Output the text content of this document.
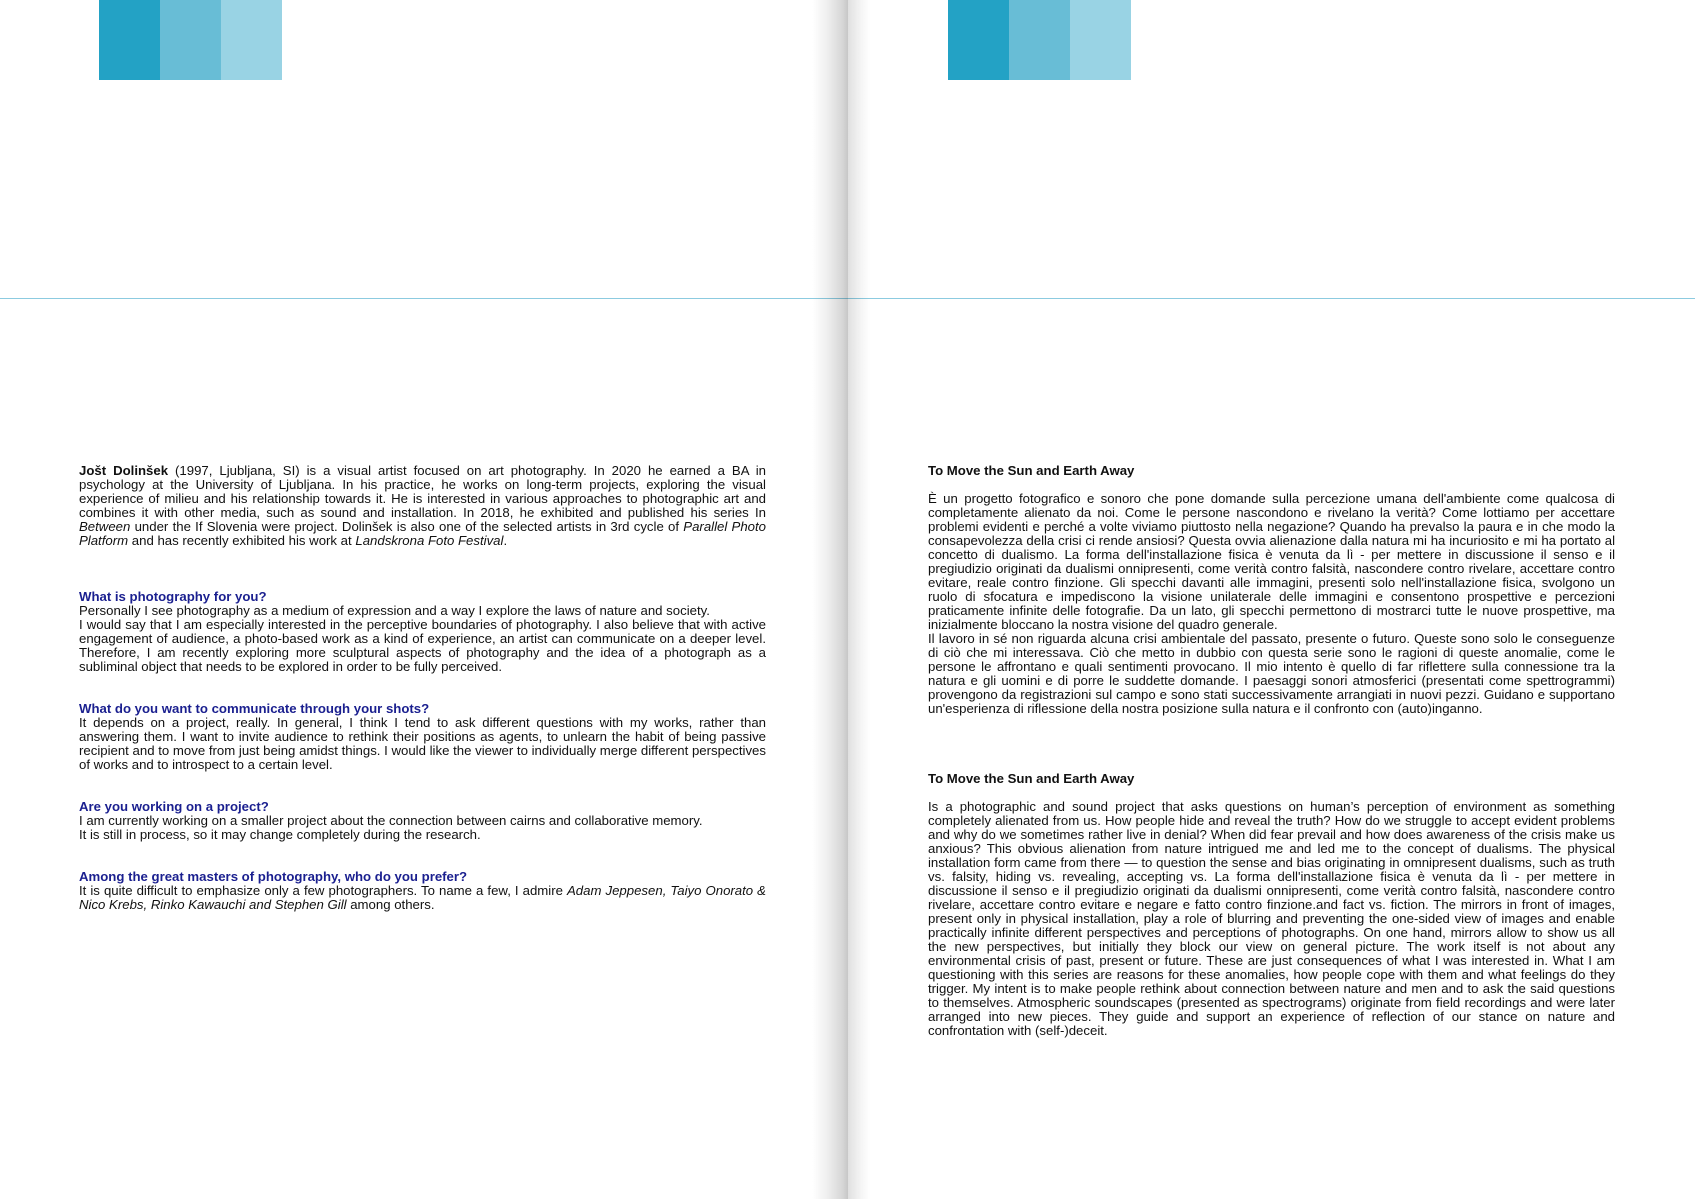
Jošt Dolinšek (1997, Ljubljana, SI) is a visual artist focused on art photography. In 2020 he earned a BA in psychology at the University of Ljubljana. In his practice, he works on long-term projects, exploring the visual experience of milieu and his relationship towards it. He is interested in various approaches to photographic art and combines it with other media, such as sound and installation. In 2018, he exhibited and published his series In Between under the If Slovenia were project. Dolinšek is also one of the selected artists in 3rd cycle of Parallel Photo Platform and has recently exhibited his work at Landskrona Foto Festival.

What is photography for you?

Personally I see photography as a medium of expression and a way I explore the laws of nature and society.

I would say that I am especially interested in the perceptive boundaries of photography. I also believe that with active engagement of audience, a photo-based work as a kind of experience, an artist can communicate on a deeper level. Therefore, I am recently exploring more sculptural aspects of photography and the idea of a photograph as a subliminal object that needs to be explored in order to be fully perceived.

What do you want to communicate through your shots?

It depends on a project, really. In general, I think I tend to ask different questions with my works, rather than answering them. I want to invite audience to rethink their positions as agents, to unlearn the habit of being passive recipient and to move from just being amidst things. I would like the viewer to individually merge different perspectives of works and to introspect to a certain level.

Are you working on a project?

I am currently working on a smaller project about the connection between cairns and collaborative memory.

It is still in process, so it may change completely during the research.

Among the great masters of photography, who do you prefer?

It is quite difficult to emphasize only a few photographers. To name a few, I admire Adam Jeppesen, Taiyo Onorato & Nico Krebs, Rinko Kawauchi and Stephen Gill among others.

To Move the Sun and Earth Away

È un progetto fotografico e sonoro che pone domande sulla percezione umana dell'ambiente come qualcosa di completamente alienato da noi. Come le persone nascondono e rivelano la verità? Come lottiamo per accettare problemi evidenti e perché a volte viviamo piuttosto nella negazione? Quando ha prevalso la paura e in che modo la consapevolezza della crisi ci rende ansiosi? Questa ovvia alienazione dalla natura mi ha incuriosito e mi ha portato al concetto di dualismo. La forma dell'installazione fisica è venuta da lì - per mettere in discussione il senso e il pregiudizio originati da dualismi onnipresenti, come verità contro falsità, nascondere contro rivelare, accettare contro evitare, reale contro finzione. Gli specchi davanti alle immagini, presenti solo nell'installazione fisica, svolgono un ruolo di sfocatura e impediscono la visione unilaterale delle immagini e consentono prospettive e percezioni praticamente infinite delle fotografie. Da un lato, gli specchi permettono di mostrarci tutte le nuove prospettive, ma inizialmente bloccano la nostra visione del quadro generale.

Il lavoro in sé non riguarda alcuna crisi ambientale del passato, presente o futuro. Queste sono solo le conseguenze di ciò che mi interessava. Ciò che metto in dubbio con questa serie sono le ragioni di queste anomalie, come le persone le affrontano e quali sentimenti provocano. Il mio intento è quello di far riflettere sulla connessione tra la natura e gli uomini e di porre le suddette domande. I paesaggi sonori atmosferici (presentati come spettrogrammi) provengono da registrazioni sul campo e sono stati successivamente arrangiati in nuovi pezzi. Guidano e supportano un'esperienza di riflessione della nostra posizione sulla natura e il confronto con (auto)inganno.

To Move the Sun and Earth Away

Is a photographic and sound project that asks questions on human’s perception of environment as something completely alienated from us. How people hide and reveal the truth? How do we struggle to accept evident problems and why do we sometimes rather live in denial? When did fear prevail and how does awareness of the crisis make us anxious? This obvious alienation from nature intrigued me and led me to the concept of dualisms. The physical installation form came from there — to question the sense and bias originating in omnipresent dualisms, such as truth vs. falsity, hiding vs. revealing, accepting vs. La forma dell'installazione fisica è venuta da lì - per mettere in discussione il senso e il pregiudizio originati da dualismi onnipresenti, come verità contro falsità, nascondere contro rivelare, accettare contro evitare e negare e fatto contro finzione.and fact vs. fiction. The mirrors in front of images, present only in physical installation, play a role of blurring and preventing the one-sided view of images and enable practically infinite different perspectives and perceptions of photographs. On one hand, mirrors allow to show us all the new perspectives, but initially they block our view on general picture. The work itself is not about any environmental crisis of past, present or future. These are just consequences of what I was interested in. What I am questioning with this series are reasons for these anomalies, how people cope with them and what feelings do they trigger. My intent is to make people rethink about connection between nature and men and to ask the said questions to themselves. Atmospheric soundscapes (presented as spectrograms) originate from field recordings and were later arranged into new pieces. They guide and support an experience of reflection of our stance on nature and confrontation with (self-)deceit.
